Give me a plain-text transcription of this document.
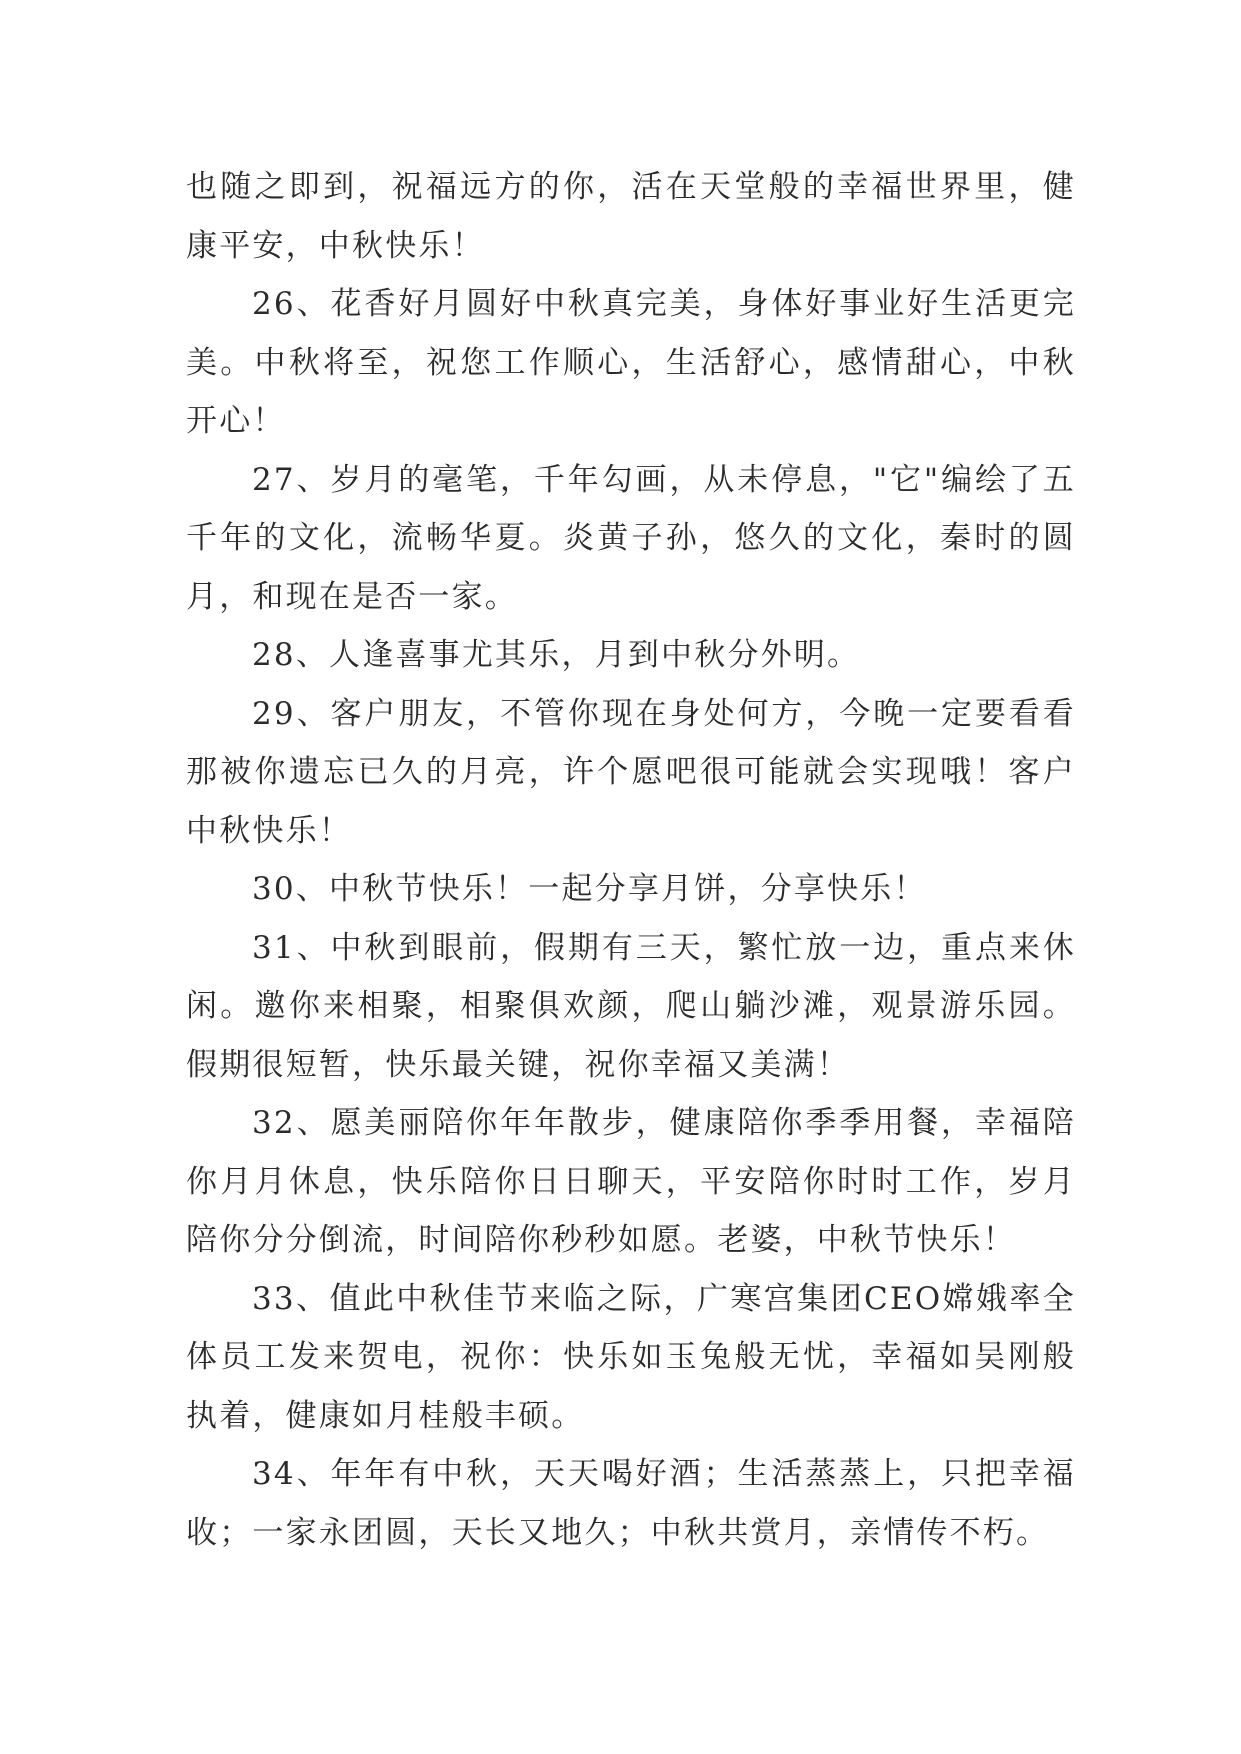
也随之即到，祝福远方的你，活在天堂般的幸福世界里，健康平安，中秋快乐！

26、花香好月圆好中秋真完美，身体好事业好生活更完美。中秋将至，祝您工作顺心，生活舒心，感情甜心，中秋开心！

27、岁月的毫笔，千年勾画，从未停息，"它"编绘了五千年的文化，流畅华夏。炎黄子孙，悠久的文化，秦时的圆月，和现在是否一家。

28、人逢喜事尤其乐，月到中秋分外明。

29、客户朋友，不管你现在身处何方，今晚一定要看看那被你遗忘已久的月亮，许个愿吧很可能就会实现哦！客户中秋快乐！

30、中秋节快乐！一起分享月饼，分享快乐！

31、中秋到眼前，假期有三天，繁忙放一边，重点来休闲。邀你来相聚，相聚俱欢颜，爬山躺沙滩，观景游乐园。假期很短暂，快乐最关键，祝你幸福又美满！

32、愿美丽陪你年年散步，健康陪你季季用餐，幸福陪你月月休息，快乐陪你日日聊天，平安陪你时时工作，岁月陪你分分倒流，时间陪你秒秒如愿。老婆，中秋节快乐！

33、值此中秋佳节来临之际，广寒宫集团CEO嫦娥率全体员工发来贺电，祝你：快乐如玉兔般无忧，幸福如吴刚般执着，健康如月桂般丰硕。

34、年年有中秋，天天喝好酒；生活蒸蒸上，只把幸福收；一家永团圆，天长又地久；中秋共赏月，亲情传不朽。
